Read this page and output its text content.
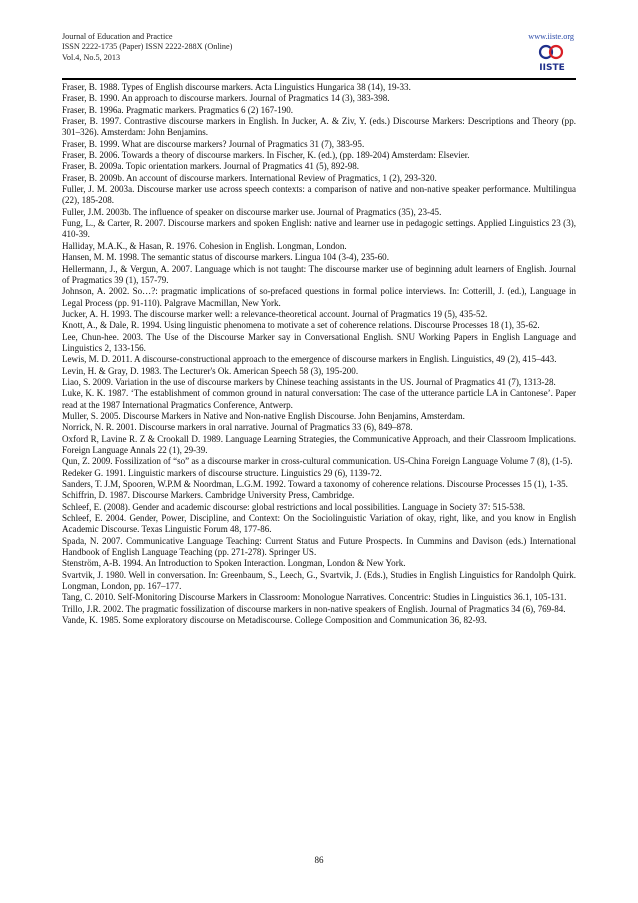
Journal of Education and Practice
ISSN 2222-1735 (Paper) ISSN 2222-288X (Online)
Vol.4, No.5, 2013
www.iiste.org
IISTE

Fraser, B. 1988. Types of English discourse markers. Acta Linguistics Hungarica 38 (14), 19-33.

Fraser, B. 1990. An approach to discourse markers. Journal of Pragmatics 14 (3), 383-398.

Fraser, B. 1996a. Pragmatic markers. Pragmatics 6 (2) 167-190.

Fraser, B. 1997. Contrastive discourse markers in English. In Jucker, A. & Ziv, Y. (eds.) Discourse Markers: Descriptions and Theory (pp. 301–326). Amsterdam: John Benjamins.

Fraser, B. 1999. What are discourse markers? Journal of Pragmatics 31 (7), 383-95.

Fraser, B. 2006. Towards a theory of discourse markers. In Fischer, K. (ed.), (pp. 189-204) Amsterdam: Elsevier.

Fraser, B. 2009a. Topic orientation markers. Journal of Pragmatics 41 (5), 892-98.

Fraser, B. 2009b. An account of discourse markers. International Review of Pragmatics, 1 (2), 293-320.

Fuller, J. M. 2003a. Discourse marker use across speech contexts: a comparison of native and non-native speaker performance. Multilingua (22), 185-208.

Fuller, J.M. 2003b. The influence of speaker on discourse marker use. Journal of Pragmatics (35), 23-45.

Fung, L., & Carter, R. 2007. Discourse markers and spoken English: native and learner use in pedagogic settings. Applied Linguistics 23 (3), 410-39.

Halliday, M.A.K., & Hasan, R. 1976. Cohesion in English. Longman, London.

Hansen, M. M. 1998. The semantic status of discourse markers. Lingua 104 (3-4), 235-60.

Hellermann, J., & Vergun, A. 2007. Language which is not taught: The discourse marker use of beginning adult learners of English. Journal of Pragmatics 39 (1), 157-79.

Johnson, A. 2002. So…?: pragmatic implications of so-prefaced questions in formal police interviews. In: Cotterill, J. (ed.), Language in Legal Process (pp. 91-110). Palgrave Macmillan, New York.

Jucker, A. H. 1993. The discourse marker well: a relevance-theoretical account. Journal of Pragmatics 19 (5), 435-52.

Knott, A., & Dale, R. 1994. Using linguistic phenomena to motivate a set of coherence relations. Discourse Processes 18 (1), 35-62.

Lee, Chun-hee. 2003. The Use of the Discourse Marker say in Conversational English. SNU Working Papers in English Language and Linguistics 2, 133-156.

Lewis, M. D. 2011. A discourse-constructional approach to the emergence of discourse markers in English. Linguistics, 49 (2), 415–443.

Levin, H. & Gray, D. 1983. The Lecturer's Ok. American Speech 58 (3), 195-200.

Liao, S. 2009. Variation in the use of discourse markers by Chinese teaching assistants in the US. Journal of Pragmatics 41 (7), 1313-28.

Luke, K. K. 1987. ‘The establishment of common ground in natural conversation: The case of the utterance particle LA in Cantonese’. Paper read at the 1987 International Pragmatics Conference, Antwerp.

Muller, S. 2005. Discourse Markers in Native and Non-native English Discourse. John Benjamins, Amsterdam.

Norrick, N. R. 2001. Discourse markers in oral narrative. Journal of Pragmatics 33 (6), 849–878.

Oxford R, Lavine R. Z & Crookall D. 1989. Language Learning Strategies, the Communicative Approach, and their Classroom Implications. Foreign Language Annals 22 (1), 29-39.

Qun, Z. 2009. Fossilization of “so” as a discourse marker in cross-cultural communication. US-China Foreign Language Volume 7 (8), (1-5).

Redeker G. 1991. Linguistic markers of discourse structure. Linguistics 29 (6), 1139-72.

Sanders, T. J.M, Spooren, W.P.M & Noordman, L.G.M. 1992. Toward a taxonomy of coherence relations. Discourse Processes 15 (1), 1-35.

Schiffrin, D. 1987. Discourse Markers. Cambridge University Press, Cambridge.

Schleef, E. (2008). Gender and academic discourse: global restrictions and local possibilities. Language in Society 37: 515-538.

Schleef, E. 2004. Gender, Power, Discipline, and Context: On the Sociolinguistic Variation of okay, right, like, and you know in English Academic Discourse. Texas Linguistic Forum 48, 177-86.

Spada, N. 2007. Communicative Language Teaching: Current Status and Future Prospects. In Cummins and Davison (eds.) International Handbook of English Language Teaching (pp. 271-278). Springer US.

Stenström, A-B. 1994. An Introduction to Spoken Interaction. Longman, London & New York.

Svartvik, J. 1980. Well in conversation. In: Greenbaum, S., Leech, G., Svartvik, J. (Eds.), Studies in English Linguistics for Randolph Quirk. Longman, London, pp. 167–177.

Tang, C. 2010. Self-Monitoring Discourse Markers in Classroom: Monologue Narratives. Concentric: Studies in Linguistics 36.1, 105-131.

Trillo, J.R. 2002. The pragmatic fossilization of discourse markers in non-native speakers of English. Journal of Pragmatics 34 (6), 769-84.

Vande, K. 1985. Some exploratory discourse on Metadiscourse. College Composition and Communication 36, 82-93.

86
